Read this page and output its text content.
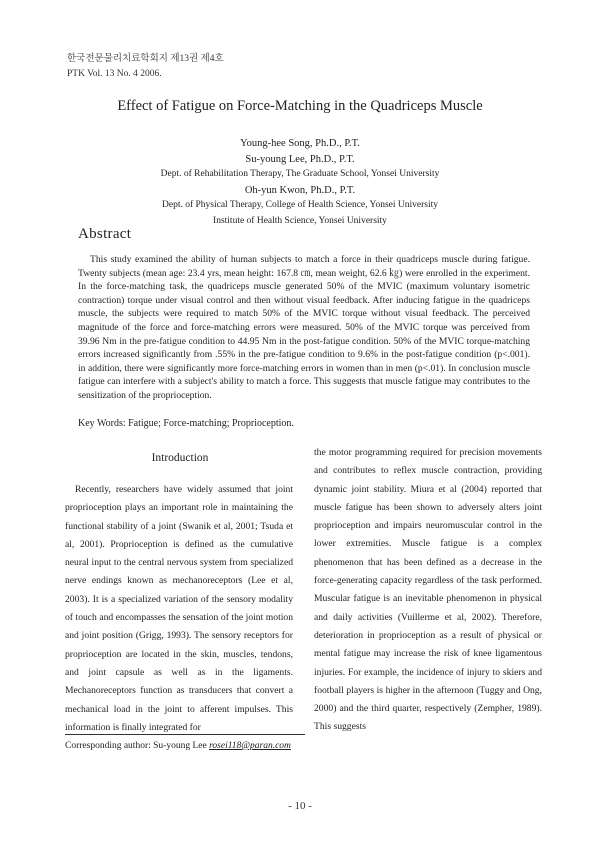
한국전문물리치료학회지 제13권 제4호
PTK Vol. 13 No. 4 2006.
Effect of Fatigue on Force-Matching in the Quadriceps Muscle
Young-hee Song, Ph.D., P.T.
Su-young Lee, Ph.D., P.T.
Dept. of Rehabilitation Therapy, The Graduate School, Yonsei University
Oh-yun Kwon, Ph.D., P.T.
Dept. of Physical Therapy, College of Health Science, Yonsei University
Institute of Health Science, Yonsei University
Abstract

This study examined the ability of human subjects to match a force in their quadriceps muscle during fatigue. Twenty subjects (mean age: 23.4 yrs, mean height: 167.8 ㎝, mean weight, 62.6 ㎏) were enrolled in the experiment. In the force-matching task, the quadriceps muscle generated 50% of the MVIC (maximum voluntary isometric contraction) torque under visual control and then without visual feedback. After inducing fatigue in the quadriceps muscle, the subjects were required to match 50% of the MVIC torque without visual feedback. The perceived magnitude of the force and force-matching errors were measured. 50% of the MVIC torque was perceived from 39.96 Nm in the pre-fatigue condition to 44.95 Nm in the post-fatigue condition. 50% of the MVIC torque-matching errors increased significantly from .55% in the pre-fatigue condition to 9.6% in the post-fatigue condition (p<.001). in addition, there were significantly more force-matching errors in women than in men (p<.01). In conclusion muscle fatigue can interfere with a subject's ability to match a force. This suggests that muscle fatigue may contributes to the sensitization of the proprioception.

Key Words: Fatigue; Force-matching; Proprioception.
Introduction

Recently, researchers have widely assumed that joint proprioception plays an important role in maintaining the functional stability of a joint (Swanik et al, 2001; Tsuda et al, 2001). Proprioception is defined as the cumulative neural input to the central nervous system from specialized nerve endings known as mechanoreceptors (Lee et al, 2003). It is a specialized variation of the sensory modality of touch and encompasses the sensation of the joint motion and joint position (Grigg, 1993). The sensory receptors for proprioception are located in the skin, muscles, tendons, and joint capsule as well as in the ligaments. Mechanoreceptors function as transducers that convert a mechanical load in the joint to afferent impulses. This information is finally integrated for

the motor programming required for precision movements and contributes to reflex muscle contraction, providing dynamic joint stability. Miura et al (2004) reported that muscle fatigue has been shown to adversely alters joint proprioception and impairs neuromuscular control in the lower extremities. Muscle fatigue is a complex phenomenon that has been defined as a decrease in the force-generating capacity regardless of the task performed. Muscular fatigue is an inevitable phenomenon in physical and daily activities (Vuillerme et al, 2002). Therefore, deterioration in proprioception as a result of physical or mental fatigue may increase the risk of knee ligamentous injuries. For example, the incidence of injury to skiers and football players is higher in the afternoon (Tuggy and Ong, 2000) and the third quarter, respectively (Zempher, 1989). This suggests

Corresponding author: Su-young Lee rosei118@paran.com
- 10 -
